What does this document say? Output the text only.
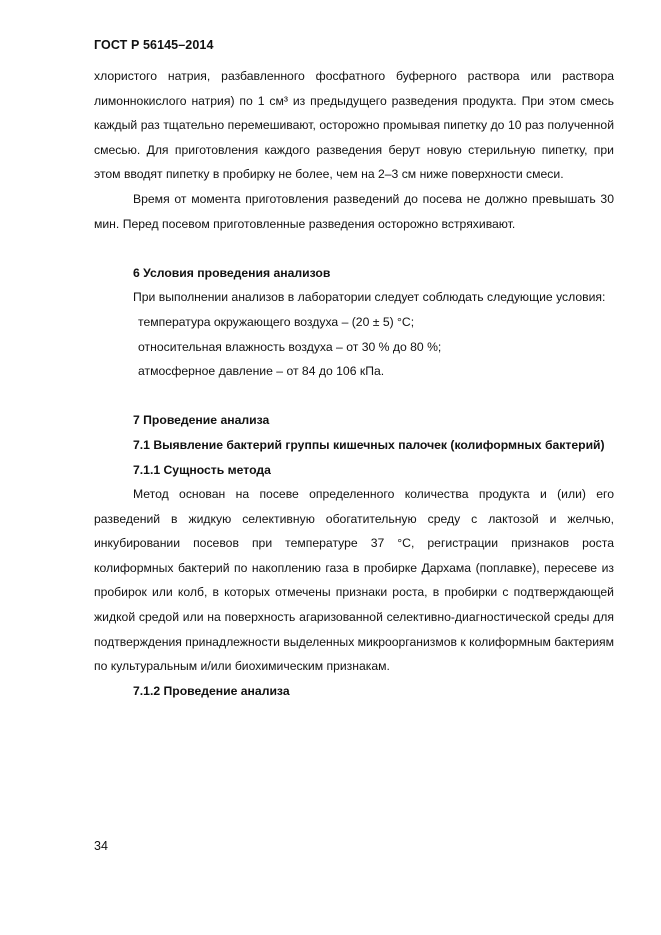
ГОСТ Р 56145–2014

хлористого натрия, разбавленного фосфатного буферного раствора или раствора лимоннокислого натрия) по 1 см³ из предыдущего разведения продукта. При этом смесь каждый раз тщательно перемешивают, осторожно промывая пипетку до 10 раз полученной смесью. Для приготовления каждого разведения берут новую стерильную пипетку, при этом вводят пипетку в пробирку не более, чем на 2–3 см ниже поверхности смеси.

Время от момента приготовления разведений до посева не должно превышать 30 мин. Перед посевом приготовленные разведения осторожно встряхивают.

6 Условия проведения анализов

При выполнении анализов в лаборатории следует соблюдать следующие условия:

температура окружающего воздуха – (20 ± 5) °С;

относительная влажность воздуха – от 30 % до 80 %;

атмосферное давление – от 84 до 106 кПа.

7 Проведение анализа

7.1 Выявление бактерий группы кишечных палочек (колиформных бактерий)

7.1.1 Сущность метода

Метод основан на посеве определенного количества продукта и (или) его разведений в жидкую селективную обогатительную среду с лактозой и желчью, инкубировании посевов при температуре 37 °С, регистрации признаков роста колиформных бактерий по накоплению газа в пробирке Дархама (поплавке), пересеве из пробирок или колб, в которых отмечены признаки роста, в пробирки с подтверждающей жидкой средой или на поверхность агаризованной селективно-диагностической среды для подтверждения принадлежности выделенных микроорганизмов к колиформным бактериям по культуральным и/или биохимическим признакам.

7.1.2 Проведение анализа

34
